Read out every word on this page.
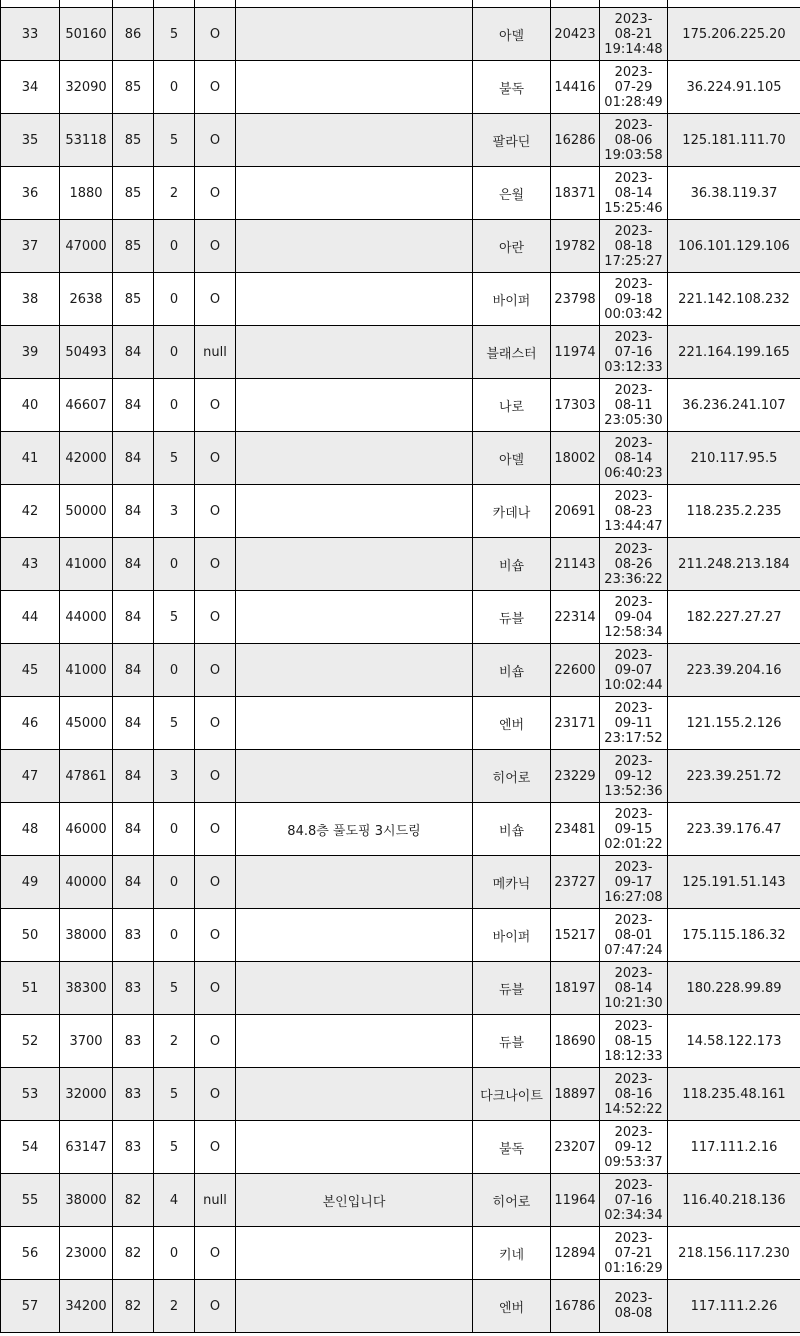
33	50160	86	5	O		아델	20423	2023-
08-21
19:14:48	175.206.225.20
34	32090	85	0	O		불독	14416	2023-
07-29
01:28:49	36.224.91.105
35	53118	85	5	O		팔라딘	16286	2023-
08-06
19:03:58	125.181.111.70
36	1880	85	2	O		은월	18371	2023-
08-14
15:25:46	36.38.119.37
37	47000	85	0	O		아란	19782	2023-
08-18
17:25:27	106.101.129.106
38	2638	85	0	O		바이퍼	23798	2023-
09-18
00:03:42	221.142.108.232
39	50493	84	0	null		블래스터	11974	2023-
07-16
03:12:33	221.164.199.165
40	46607	84	0	O		나로	17303	2023-
08-11
23:05:30	36.236.241.107
41	42000	84	5	O		아델	18002	2023-
08-14
06:40:23	210.117.95.5
42	50000	84	3	O		카데나	20691	2023-
08-23
13:44:47	118.235.2.235
43	41000	84	0	O		비숍	21143	2023-
08-26
23:36:22	211.248.213.184
44	44000	84	5	O		듀블	22314	2023-
09-04
12:58:34	182.227.27.27
45	41000	84	0	O		비숍	22600	2023-
09-07
10:02:44	223.39.204.16
46	45000	84	5	O		엔버	23171	2023-
09-11
23:17:52	121.155.2.126
47	47861	84	3	O		히어로	23229	2023-
09-12
13:52:36	223.39.251.72
48	46000	84	0	O	84.8층 풀도핑 3시드링	비숍	23481	2023-
09-15
02:01:22	223.39.176.47
49	40000	84	0	O		메카닉	23727	2023-
09-17
16:27:08	125.191.51.143
50	38000	83	0	O		바이퍼	15217	2023-
08-01
07:47:24	175.115.186.32
51	38300	83	5	O		듀블	18197	2023-
08-14
10:21:30	180.228.99.89
52	3700	83	2	O		듀블	18690	2023-
08-15
18:12:33	14.58.122.173
53	32000	83	5	O		다크나이트	18897	2023-
08-16
14:52:22	118.235.48.161
54	63147	83	5	O		불독	23207	2023-
09-12
09:53:37	117.111.2.16
55	38000	82	4	null	본인입니다	히어로	11964	2023-
07-16
02:34:34	116.40.218.136
56	23000	82	0	O		키네	12894	2023-
07-21
01:16:29	218.156.117.230
57	34200	82	2	O		엔버	16786	2023-
08-08	117.111.2.26
